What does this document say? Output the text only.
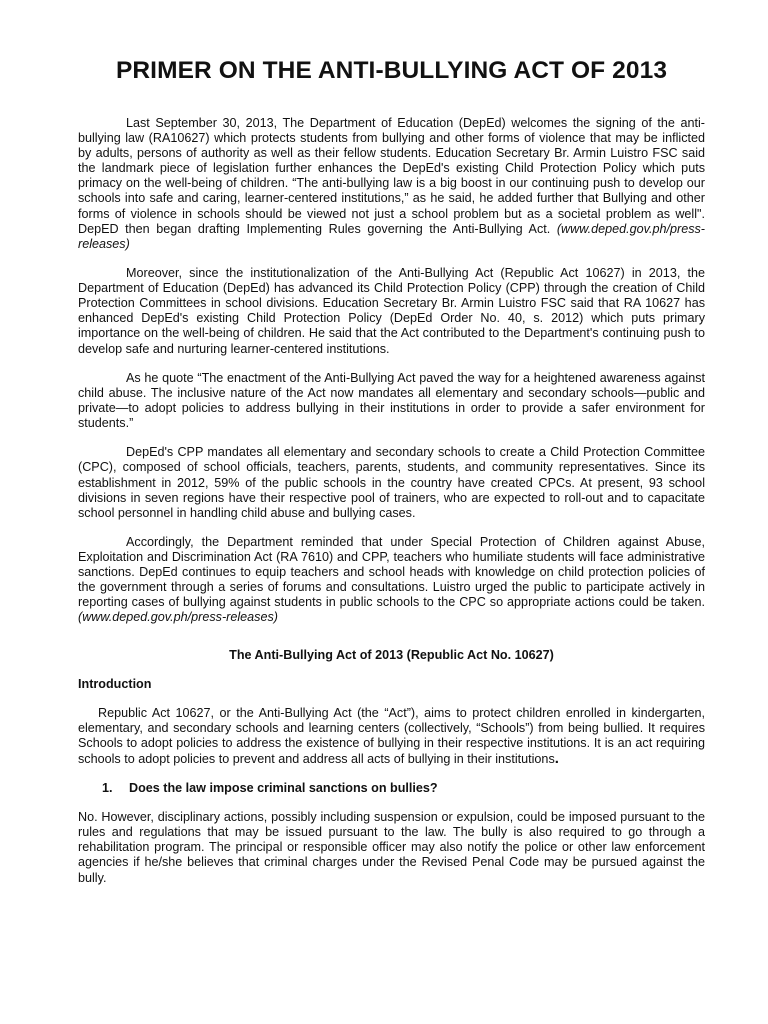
PRIMER ON THE ANTI-BULLYING ACT OF 2013

Last September 30, 2013, The Department of Education (DepEd) welcomes the signing of the anti-bullying law (RA10627) which protects students from bullying and other forms of violence that may be inflicted by adults, persons of authority as well as their fellow students. Education Secretary Br. Armin Luistro FSC said the landmark piece of legislation further enhances the DepEd's existing Child Protection Policy which puts primacy on the well-being of children. “The anti-bullying law is a big boost in our continuing push to develop our schools into safe and caring, learner-centered institutions,” as he said, he added further that Bullying and other forms of violence in schools should be viewed not just a school problem but as a societal problem as well". DepED then began drafting Implementing Rules governing the Anti-Bullying Act. (www.deped.gov.ph/press-releases)

Moreover, since the institutionalization of the Anti-Bullying Act (Republic Act 10627) in 2013, the Department of Education (DepEd) has advanced its Child Protection Policy (CPP) through the creation of Child Protection Committees in school divisions. Education Secretary Br. Armin Luistro FSC said that RA 10627 has enhanced DepEd's existing Child Protection Policy (DepEd Order No. 40, s. 2012) which puts primary importance on the well-being of children. He said that the Act contributed to the Department's continuing push to develop safe and nurturing learner-centered institutions.

As he quote “The enactment of the Anti-Bullying Act paved the way for a heightened awareness against child abuse. The inclusive nature of the Act now mandates all elementary and secondary schools—public and private—to adopt policies to address bullying in their institutions in order to provide a safer environment for students.”

DepEd's CPP mandates all elementary and secondary schools to create a Child Protection Committee (CPC), composed of school officials, teachers, parents, students, and community representatives. Since its establishment in 2012, 59% of the public schools in the country have created CPCs. At present, 93 school divisions in seven regions have their respective pool of trainers, who are expected to roll-out and to capacitate school personnel in handling child abuse and bullying cases.

Accordingly, the Department reminded that under Special Protection of Children against Abuse, Exploitation and Discrimination Act (RA 7610) and CPP, teachers who humiliate students will face administrative sanctions. DepEd continues to equip teachers and school heads with knowledge on child protection policies of the government through a series of forums and consultations. Luistro urged the public to participate actively in reporting cases of bullying against students in public schools to the CPC so appropriate actions could be taken. (www.deped.gov.ph/press-releases)

The Anti-Bullying Act of 2013 (Republic Act No. 10627)
Introduction

Republic Act 10627, or the Anti-Bullying Act (the “Act”), aims to protect children enrolled in kindergarten, elementary, and secondary schools and learning centers (collectively, “Schools”) from being bullied. It requires Schools to adopt policies to address the existence of bullying in their respective institutions. It is an act requiring schools to adopt policies to prevent and address all acts of bullying in their institutions.

1.	Does the law impose criminal sanctions on bullies?

No. However, disciplinary actions, possibly including suspension or expulsion, could be imposed pursuant to the rules and regulations that may be issued pursuant to the law. The bully is also required to go through a rehabilitation program. The principal or responsible officer may also notify the police or other law enforcement agencies if he/she believes that criminal charges under the Revised Penal Code may be pursued against the bully.
